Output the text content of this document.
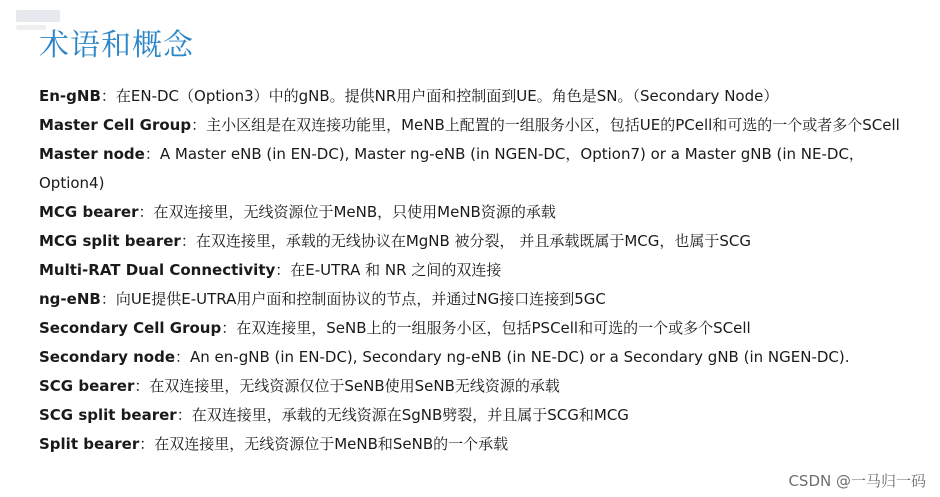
术语和概念
En-gNB：在EN-DC（Option3）中的gNB。提供NR用户面和控制面到UE。角色是SN。（Secondary Node）
Master Cell Group：主小区组是在双连接功能里，MeNB上配置的一组服务小区，包括UE的PCell和可选的一个或者多个SCell
Master node：A Master eNB (in EN-DC), Master ng-eNB (in NGEN-DC，Option7) or a Master gNB (in NE-DC，Option4)
MCG bearer：在双连接里，无线资源位于MeNB，只使用MeNB资源的承载
MCG split bearer：在双连接里，承载的无线协议在MgNB 被分裂， 并且承载既属于MCG，也属于SCG
Multi-RAT Dual Connectivity：在E-UTRA 和 NR 之间的双连接
ng-eNB：向UE提供E-UTRA用户面和控制面协议的节点，并通过NG接口连接到5GC
Secondary Cell Group：在双连接里，SeNB上的一组服务小区，包括PSCell和可选的一个或多个SCell
Secondary node：An en-gNB (in EN-DC), Secondary ng-eNB (in NE-DC) or a Secondary gNB (in NGEN-DC).
SCG bearer：在双连接里，无线资源仅位于SeNB使用SeNB无线资源的承载
SCG split bearer：在双连接里，承载的无线资源在SgNB劈裂，并且属于SCG和MCG
Split bearer：在双连接里，无线资源位于MeNB和SeNB的一个承载
CSDN @一马归一码
